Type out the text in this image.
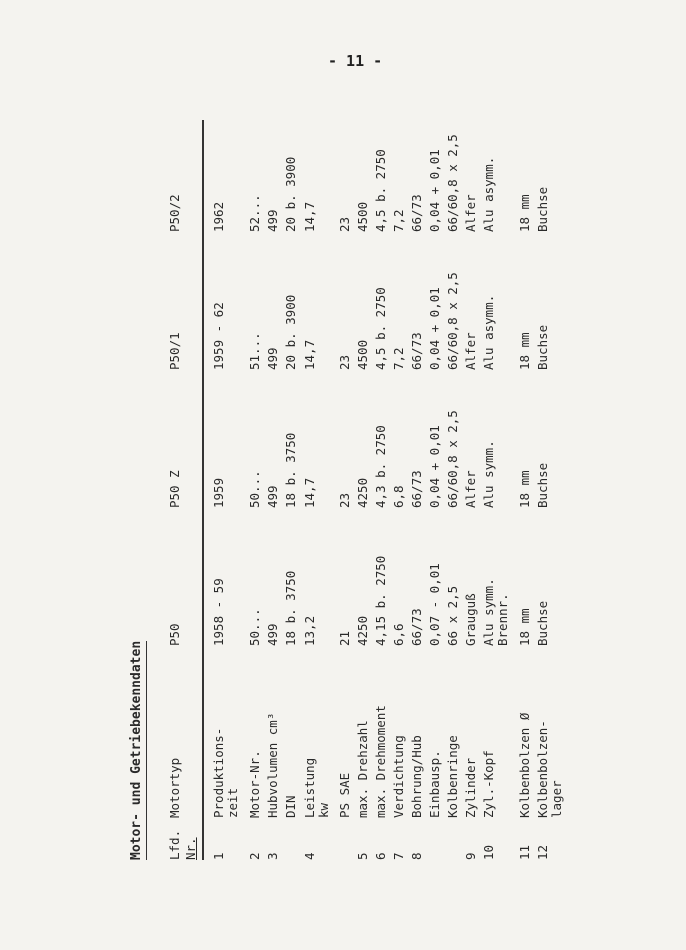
- 11 -
Motor- und Getriebekenndaten Lfd. Nr.
Motortyp
P50
P50 Z
P50/1
P50/2
1
Produktions- zeit
1958 - 59
1959
1959 - 62
1962
2
Motor-Nr.
50...
50...
51...
52...
3
Hubvolumen cm³
499
499
499
499
DIN
18 b. 3750
18 b. 3750
20 b. 3900
20 b. 3900
4
Leistung kw
13,2
14,7
14,7
14,7
PS SAE
21
23
23
23
5
max. Drehzahl
4250
4250
4500
4500
6
max. Drehmoment
4,15 b. 2750
4,3 b. 2750
4,5 b. 2750
4,5 b. 2750
7
Verdichtung
6,6
6,8
7,2
7,2
8
Bohrung/Hub
66/73
66/73
66/73
66/73
Einbausp.
0,07 - 0,01
0,04 + 0,01
0,04 + 0,01
0,04 + 0,01
Kolbenringe
66 x 2,5
66/60,8 x 2,5
66/60,8 x 2,5
66/60,8 x 2,5
9
Zylinder
Grauguß
Alfer
Alfer
Alfer
10
Zyl.-Kopf
Alu symm. Brennr.
Alu symm.
Alu asymm.
Alu asymm.
11
Kolbenbolzen Ø
18 mm
18 mm
18 mm
18 mm
12
Kolbenbolzen- lager
Buchse
Buchse
Buchse
Buchse
